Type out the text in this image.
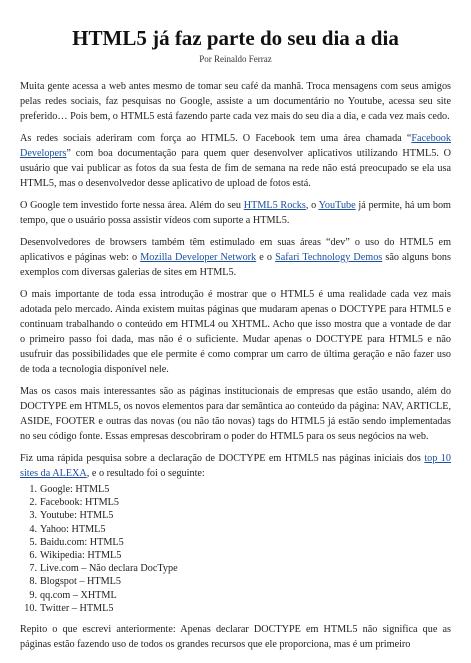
HTML5 já faz parte do seu dia a dia
Por Reinaldo Ferraz

Muita gente acessa a web antes mesmo de tomar seu café da manhã. Troca mensagens com seus amigos pelas redes sociais, faz pesquisas no Google, assiste a um documentário no Youtube, acessa seu site preferido… Pois bem, o HTML5 está fazendo parte cada vez mais do seu dia a dia, e cada vez mais cedo.

As redes sociais aderiram com força ao HTML5. O Facebook tem uma área chamada “Facebook Developers” com boa documentação para quem quer desenvolver aplicativos utilizando HTML5. O usuário que vai publicar as fotos da sua festa de fim de semana na rede não está preocupado se ela usa HTML5, mas o desenvolvedor desse aplicativo de upload de fotos está.

O Google tem investido forte nessa área. Além do seu HTML5 Rocks, o YouTube já permite, há um bom tempo, que o usuário possa assistir vídeos com suporte a HTML5.

Desenvolvedores de browsers também têm estimulado em suas áreas “dev” o uso do HTML5 em aplicativos e páginas web: o Mozilla Developer Network e o Safari Technology Demos são alguns bons exemplos com diversas galerias de sites em HTML5.

O mais importante de toda essa introdução é mostrar que o HTML5 é uma realidade cada vez mais adotada pelo mercado. Ainda existem muitas páginas que mudaram apenas o DOCTYPE para HTML5 e continuam trabalhando o conteúdo em HTML4 ou XHTML. Acho que isso mostra que a vontade de dar o primeiro passo foi dada, mas não é o suficiente. Mudar apenas o DOCTYPE para HTML5 e não usufruir das possibilidades que ele permite é como comprar um carro de última geração e não fazer uso de toda a tecnologia disponível nele.

Mas os casos mais interessantes são as páginas institucionais de empresas que estão usando, além do DOCTYPE em HTML5, os novos elementos para dar semântica ao conteúdo da página: NAV, ARTICLE, ASIDE, FOOTER e outras das novas (ou não tão novas) tags do HTML5 já estão sendo implementadas no seu código fonte. Essas empresas descobriram o poder do HTML5 para os seus negócios na web.

Fiz uma rápida pesquisa sobre a declaração de DOCTYPE em HTML5 nas páginas iniciais dos top 10 sites da ALEXA, e o resultado foi o seguinte:

1. Google: HTML5
2. Facebook: HTML5
3. Youtube: HTML5
4. Yahoo: HTML5
5. Baidu.com: HTML5
6. Wikipedia: HTML5
7. Live.com – Não declara DocType
8. Blogspot – HTML5
9. qq.com – XHTML
10. Twitter – HTML5

Repito o que escrevi anteriormente: Apenas declarar DOCTYPE em HTML5 não significa que as páginas estão fazendo uso de todos os grandes recursos que ele proporciona, mas é um primeiro
